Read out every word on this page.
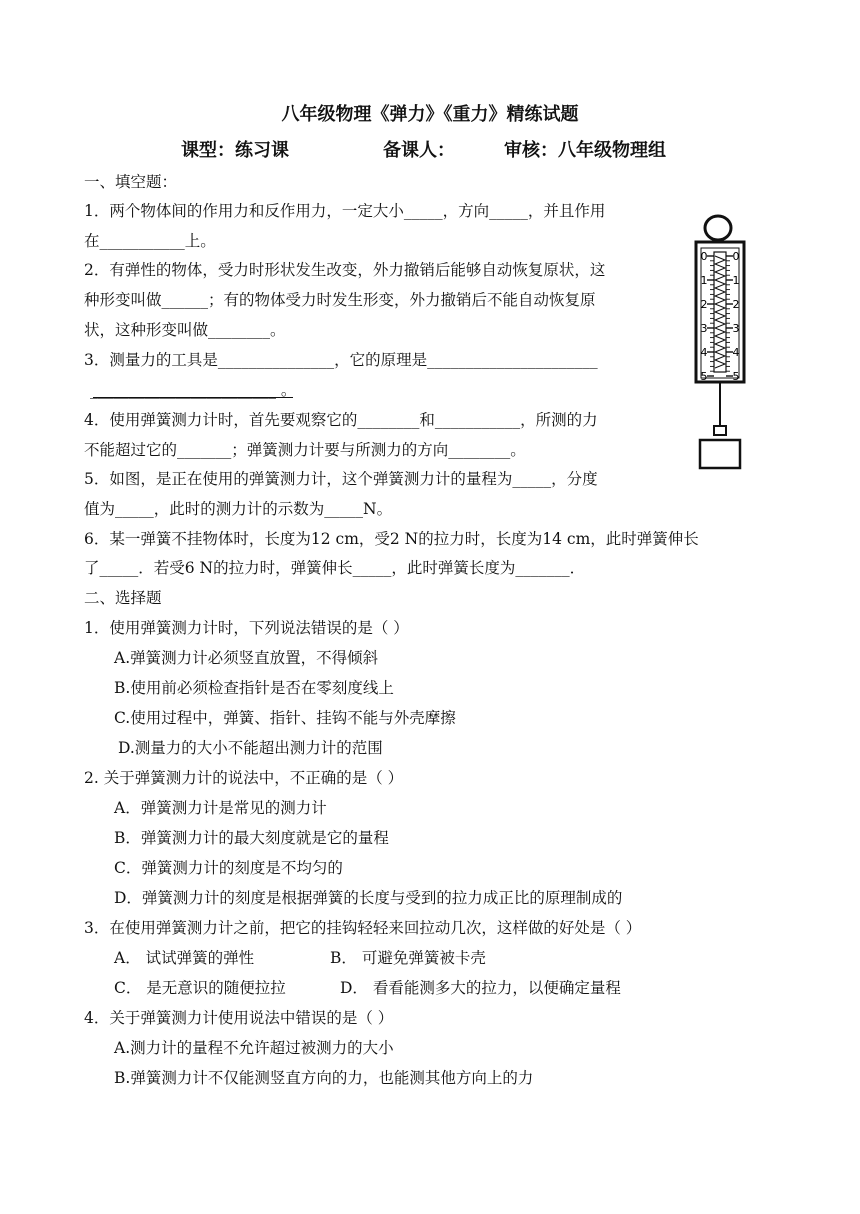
八年级物理《弹力》《重力》精练试题
课型：练习课	备课人：	审核：八年级物理组
一、填空题：
1．两个物体间的作用力和反作用力，一定大小_____，方向_____，并且作用
在___________上。
2．有弹性的物体，受力时形状发生改变，外力撤销后能够自动恢复原状，这
种形变叫做______；有的物体受力时发生形变，外力撤销后不能自动恢复原
状，这种形变叫做________。
3．测量力的工具是_______________，它的原理是______________________
________________________ 。
4．使用弹簧测力计时，首先要观察它的________和___________，所测的力
不能超过它的_______；弹簧测力计要与所测力的方向________。
5．如图，是正在使用的弹簧测力计，这个弹簧测力计的量程为_____，分度
值为_____，此时的测力计的示数为_____N。
6．某一弹簧不挂物体时，长度为12 cm，受2 N的拉力时，长度为14 cm，此时弹簧伸长
了_____．若受6 N的拉力时，弹簧伸长_____，此时弹簧长度为_______．
二、选择题
1．使用弹簧测力计时，下列说法错误的是（ ）
A.弹簧测力计必须竖直放置，不得倾斜
B.使用前必须检查指针是否在零刻度线上
C.使用过程中，弹簧、指针、挂钩不能与外壳摩擦
D.测量力的大小不能超出测力计的范围
2. 关于弹簧测力计的说法中，不正确的是（ ）
A．弹簧测力计是常见的测力计
B．弹簧测力计的最大刻度就是它的量程
C．弹簧测力计的刻度是不均匀的
D．弹簧测力计的刻度是根据弹簧的长度与受到的拉力成正比的原理制成的
3．在使用弹簧测力计之前，把它的挂钩轻轻来回拉动几次，这样做的好处是（ ）
A． 试试弹簧的弹性	B． 可避免弹簧被卡壳
C． 是无意识的随便拉拉	D． 看看能测多大的拉力，以便确定量程
4．关于弹簧测力计使用说法中错误的是（ ）
A.测力计的量程不允许超过被测力的大小
B.弹簧测力计不仅能测竖直方向的力，也能测其他方向上的力
0
1
2
3
4
5
0
1
2
3
4
5
